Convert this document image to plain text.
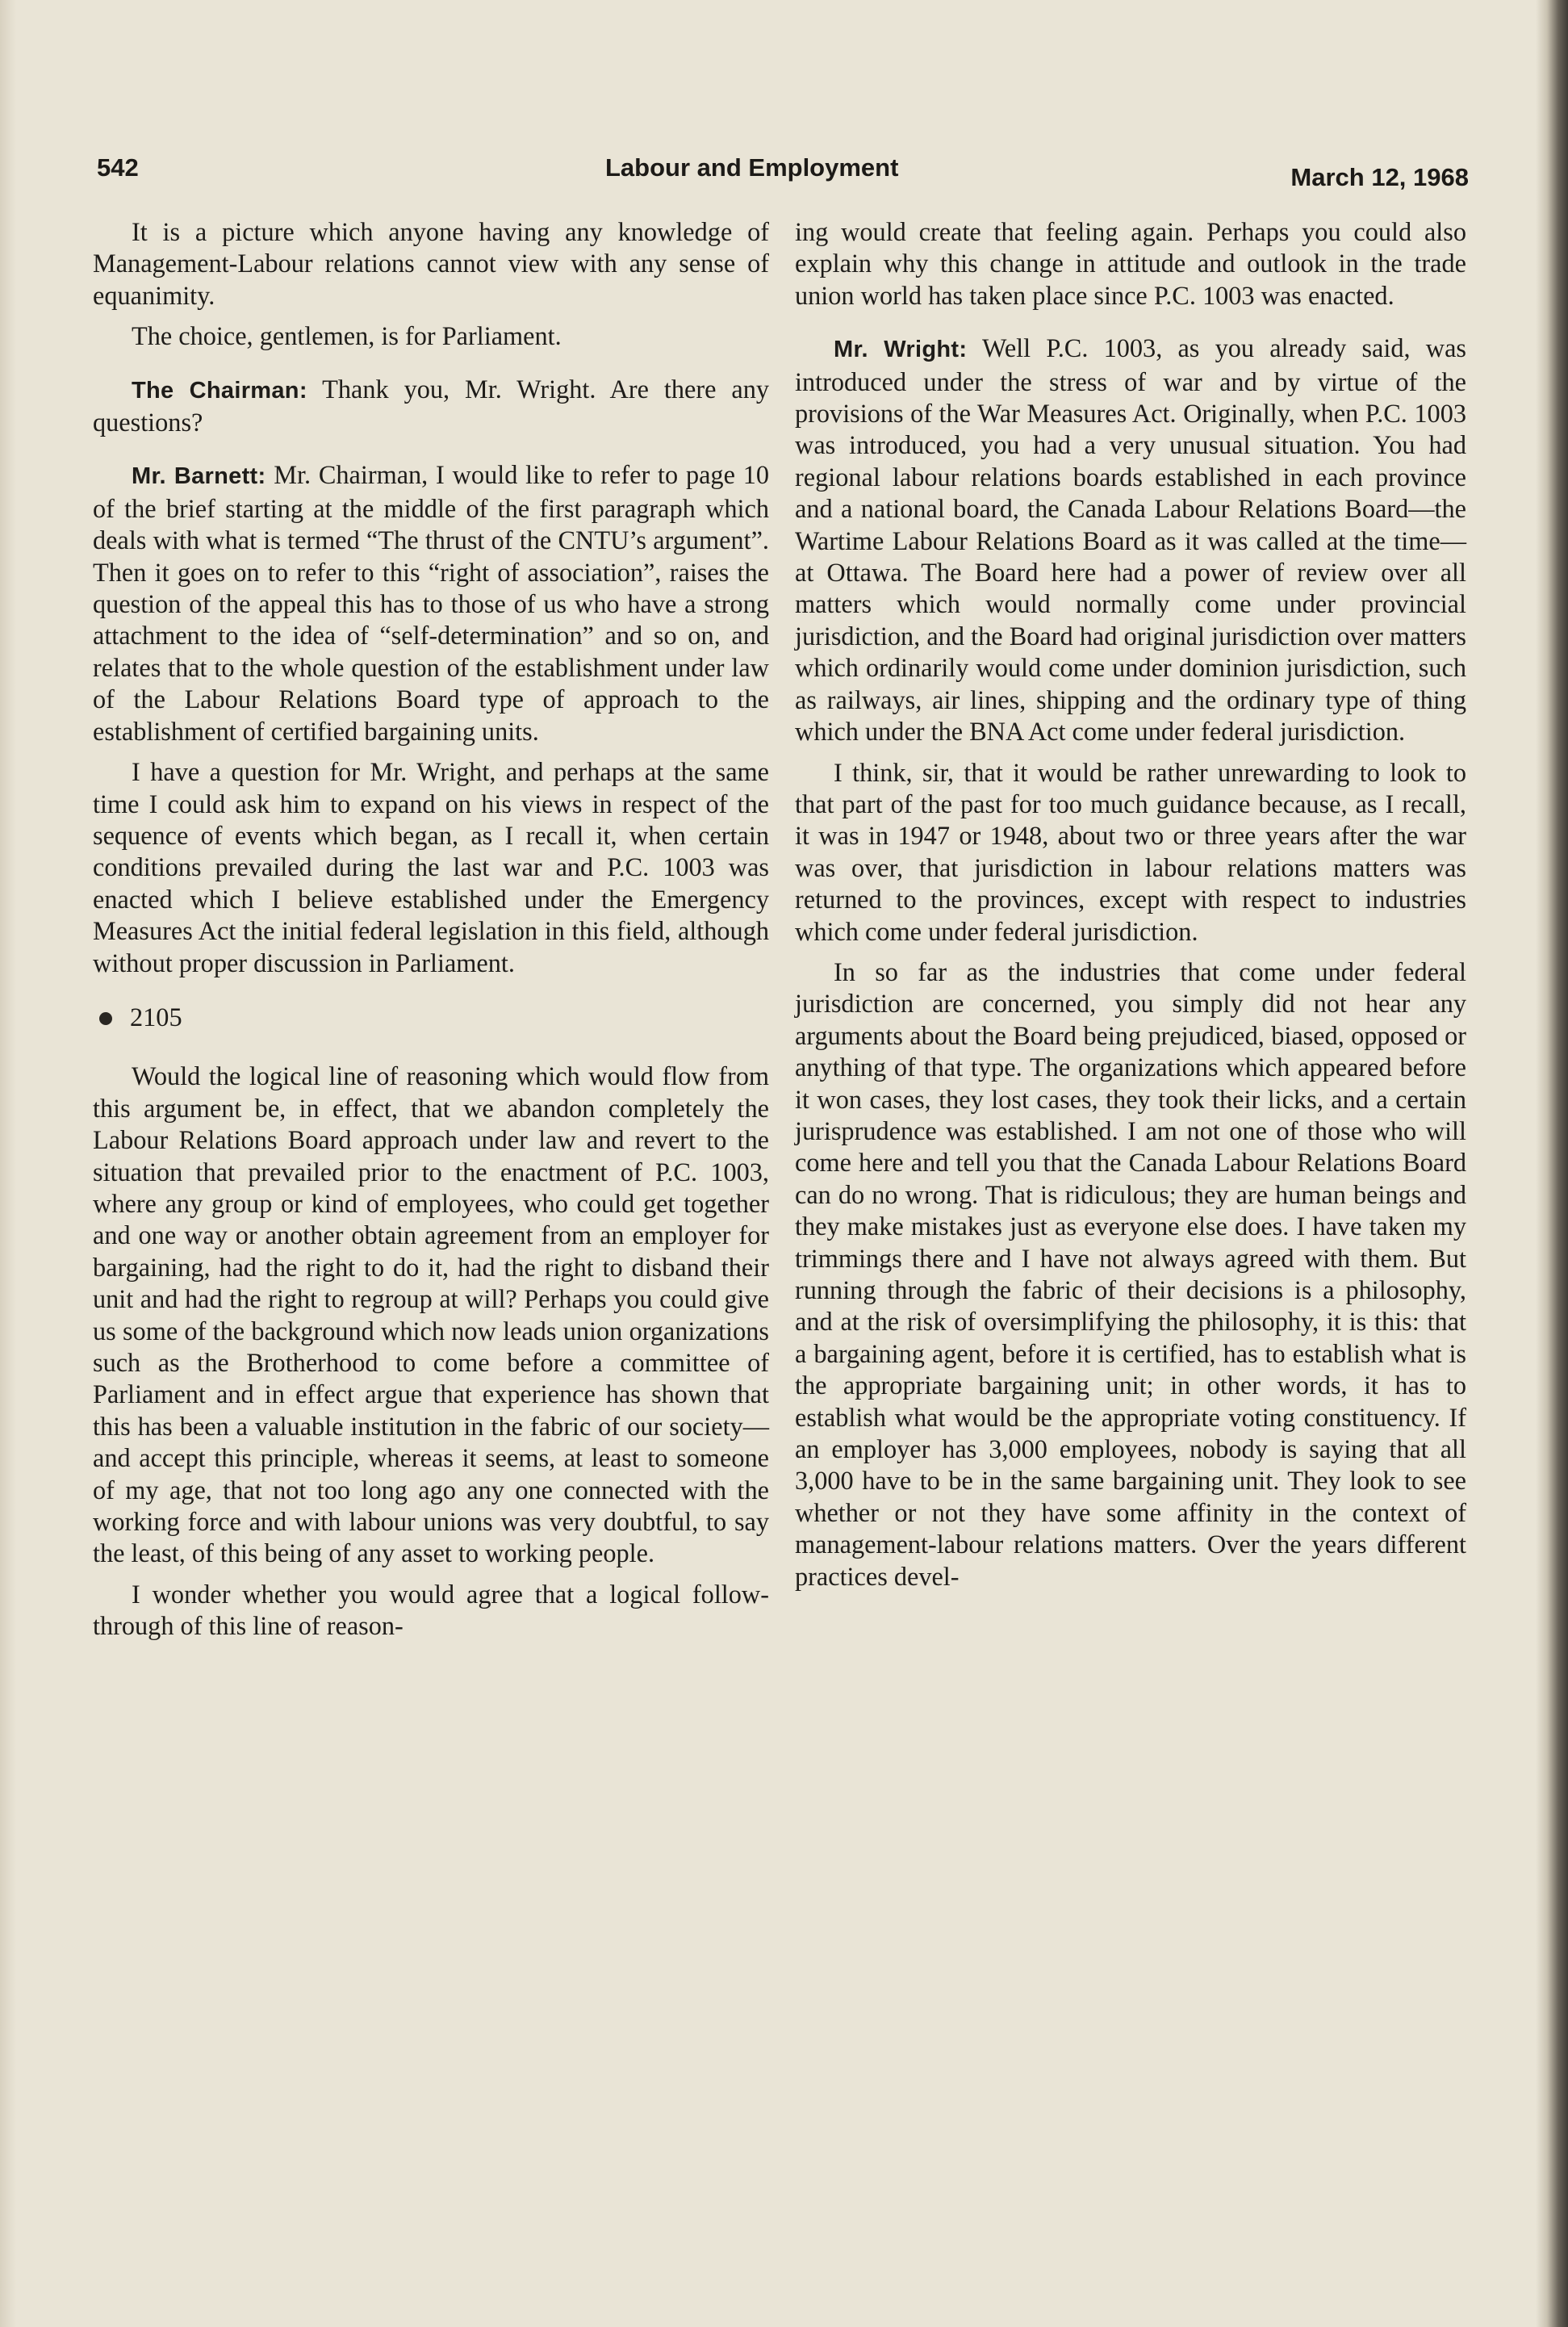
542	Labour and Employment	March 12, 1968

It is a picture which anyone having any knowledge of Management-Labour relations cannot view with any sense of equanimity.

The choice, gentlemen, is for Parliament.

The Chairman: Thank you, Mr. Wright. Are there any questions?

Mr. Barnett: Mr. Chairman, I would like to refer to page 10 of the brief starting at the middle of the first paragraph which deals with what is termed “The thrust of the CNTU’s argument”. Then it goes on to refer to this “right of association”, raises the question of the appeal this has to those of us who have a strong attachment to the idea of “self-determination” and so on, and relates that to the whole question of the establishment under law of the Labour Relations Board type of approach to the establishment of certified bargaining units.

I have a question for Mr. Wright, and perhaps at the same time I could ask him to expand on his views in respect of the sequence of events which began, as I recall it, when certain conditions prevailed during the last war and P.C. 1003 was enacted which I believe established under the Emergency Measures Act the initial federal legislation in this field, although without proper discussion in Parliament.

2105

Would the logical line of reasoning which would flow from this argument be, in effect, that we abandon completely the Labour Relations Board approach under law and revert to the situation that prevailed prior to the enactment of P.C. 1003, where any group or kind of employees, who could get together and one way or another obtain agreement from an employer for bargaining, had the right to do it, had the right to disband their unit and had the right to regroup at will? Perhaps you could give us some of the background which now leads union organizations such as the Brotherhood to come before a committee of Parliament and in effect argue that experience has shown that this has been a valuable institution in the fabric of our society—and accept this principle, whereas it seems, at least to someone of my age, that not too long ago any one connected with the working force and with labour unions was very doubtful, to say the least, of this being of any asset to working people.

I wonder whether you would agree that a logical follow-through of this line of reason-

ing would create that feeling again. Perhaps you could also explain why this change in attitude and outlook in the trade union world has taken place since P.C. 1003 was enacted.

Mr. Wright: Well P.C. 1003, as you already said, was introduced under the stress of war and by virtue of the provisions of the War Measures Act. Originally, when P.C. 1003 was introduced, you had a very unusual situation. You had regional labour relations boards established in each province and a national board, the Canada Labour Relations Board—the Wartime Labour Relations Board as it was called at the time—at Ottawa. The Board here had a power of review over all matters which would normally come under provincial jurisdiction, and the Board had original jurisdiction over matters which ordinarily would come under dominion jurisdiction, such as railways, air lines, shipping and the ordinary type of thing which under the BNA Act come under federal jurisdiction.

I think, sir, that it would be rather unrewarding to look to that part of the past for too much guidance because, as I recall, it was in 1947 or 1948, about two or three years after the war was over, that jurisdiction in labour relations matters was returned to the provinces, except with respect to industries which come under federal jurisdiction.

In so far as the industries that come under federal jurisdiction are concerned, you simply did not hear any arguments about the Board being prejudiced, biased, opposed or anything of that type. The organizations which appeared before it won cases, they lost cases, they took their licks, and a certain jurisprudence was established. I am not one of those who will come here and tell you that the Canada Labour Relations Board can do no wrong. That is ridiculous; they are human beings and they make mistakes just as everyone else does. I have taken my trimmings there and I have not always agreed with them. But running through the fabric of their decisions is a philosophy, and at the risk of oversimplifying the philosophy, it is this: that a bargaining agent, before it is certified, has to establish what is the appropriate bargaining unit; in other words, it has to establish what would be the appropriate voting constituency. If an employer has 3,000 employees, nobody is saying that all 3,000 have to be in the same bargaining unit. They look to see whether or not they have some affinity in the context of management-labour relations matters. Over the years different practices devel-
